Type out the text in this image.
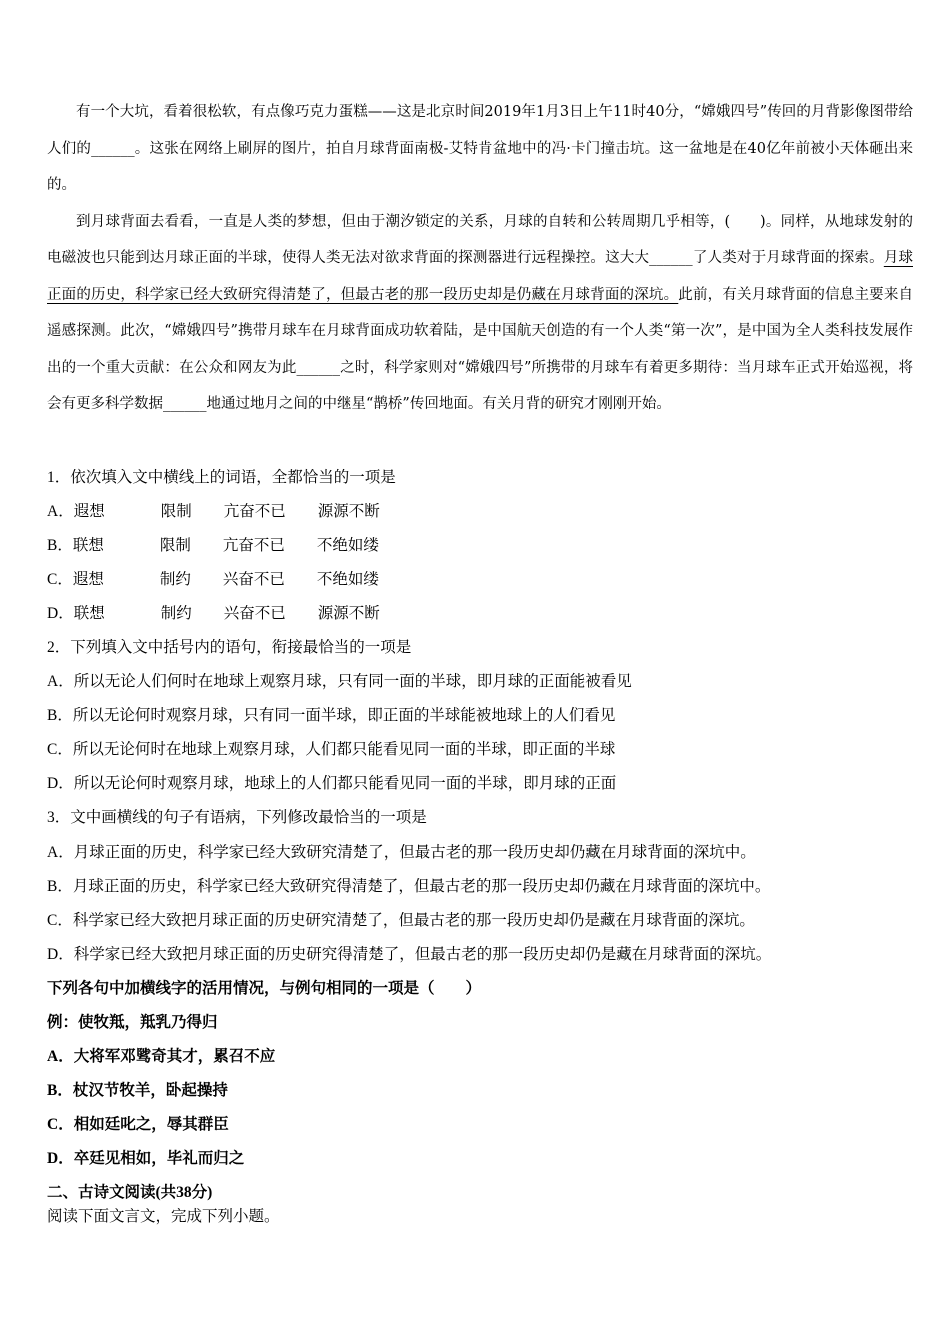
有一个大坑，看着很松软，有点像巧克力蛋糕——这是北京时间2019年1月3日上午11时40分，“嫦娥四号”传回的月背影像图带给人们的______。这张在网络上刷屏的图片，拍自月球背面南极-艾特肯盆地中的冯·卡门撞击坑。这一盆地是在40亿年前被小天体砸出来的。

到月球背面去看看，一直是人类的梦想，但由于潮汐锁定的关系，月球的自转和公转周期几乎相等，(　　)。同样，从地球发射的电磁波也只能到达月球正面的半球，使得人类无法对欲求背面的探测器进行远程操控。这大大______了人类对于月球背面的探索。月球正面的历史，科学家已经大致研究得清楚了，但最古老的那一段历史却是仍藏在月球背面的深坑。此前，有关月球背面的信息主要来自遥感探测。此次，“嫦娥四号”携带月球车在月球背面成功软着陆，是中国航天创造的有一个人类“第一次”，是中国为全人类科技发展作出的一个重大贡献：在公众和网友为此______之时，科学家则对“嫦娥四号”所携带的月球车有着更多期待：当月球车正式开始巡视，将会有更多科学数据______地通过地月之间的中继星“鹊桥”传回地面。有关月背的研究才刚刚开始。

1．依次填入文中横线上的词语，全都恰当的一项是
A．遐想	限制 亢奋不已 源源不断
B．联想	限制 亢奋不已 不绝如缕
C．遐想	制约 兴奋不已 不绝如缕
D．联想	制约 兴奋不已 源源不断
2．下列填入文中括号内的语句，衔接最恰当的一项是
A．所以无论人们何时在地球上观察月球，只有同一面的半球，即月球的正面能被看见
B．所以无论何时观察月球，只有同一面半球，即正面的半球能被地球上的人们看见
C．所以无论何时在地球上观察月球，人们都只能看见同一面的半球，即正面的半球
D．所以无论何时观察月球，地球上的人们都只能看见同一面的半球，即月球的正面
3．文中画横线的句子有语病，下列修改最恰当的一项是
A．月球正面的历史，科学家已经大致研究清楚了，但最古老的那一段历史却仍藏在月球背面的深坑中。
B．月球正面的历史，科学家已经大致研究得清楚了，但最古老的那一段历史却仍藏在月球背面的深坑中。
C．科学家已经大致把月球正面的历史研究清楚了，但最古老的那一段历史却仍是藏在月球背面的深坑。
D．科学家已经大致把月球正面的历史研究得清楚了，但最古老的那一段历史却仍是藏在月球背面的深坑。
下列各句中加横线字的活用情况，与例句相同的一项是（　　）
例：使牧羝，羝乳乃得归
A．大将军邓骘奇其才，累召不应
B．杖汉节牧羊，卧起操持
C．相如廷叱之，辱其群臣
D．卒廷见相如，毕礼而归之
二、古诗文阅读(共38分)
阅读下面文言文，完成下列小题。
